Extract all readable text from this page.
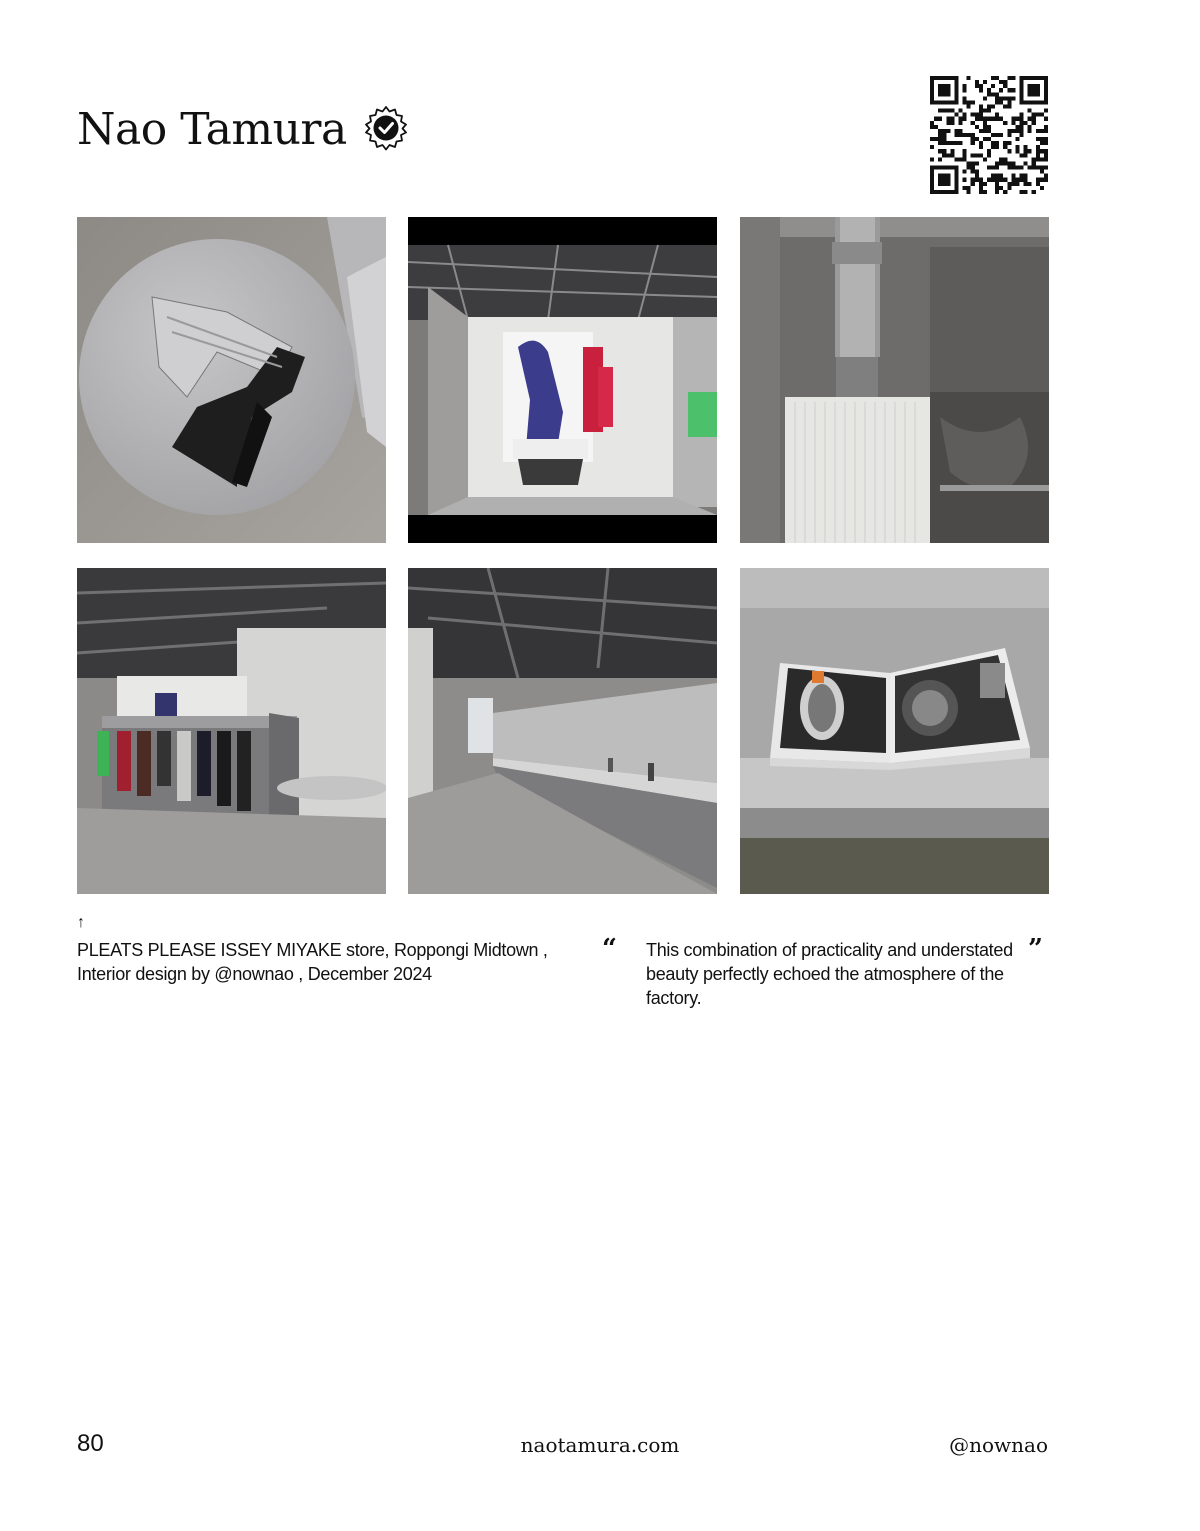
Nao Tamura
↑

PLEATS PLEASE ISSEY MIYAKE store, Roppongi Midtown , Interior design by @nownao , December 2024

“ This combination of practicality and understated beauty perfectly echoed the atmosphere of the factory.

”
80	naotamura.com	@nownao
